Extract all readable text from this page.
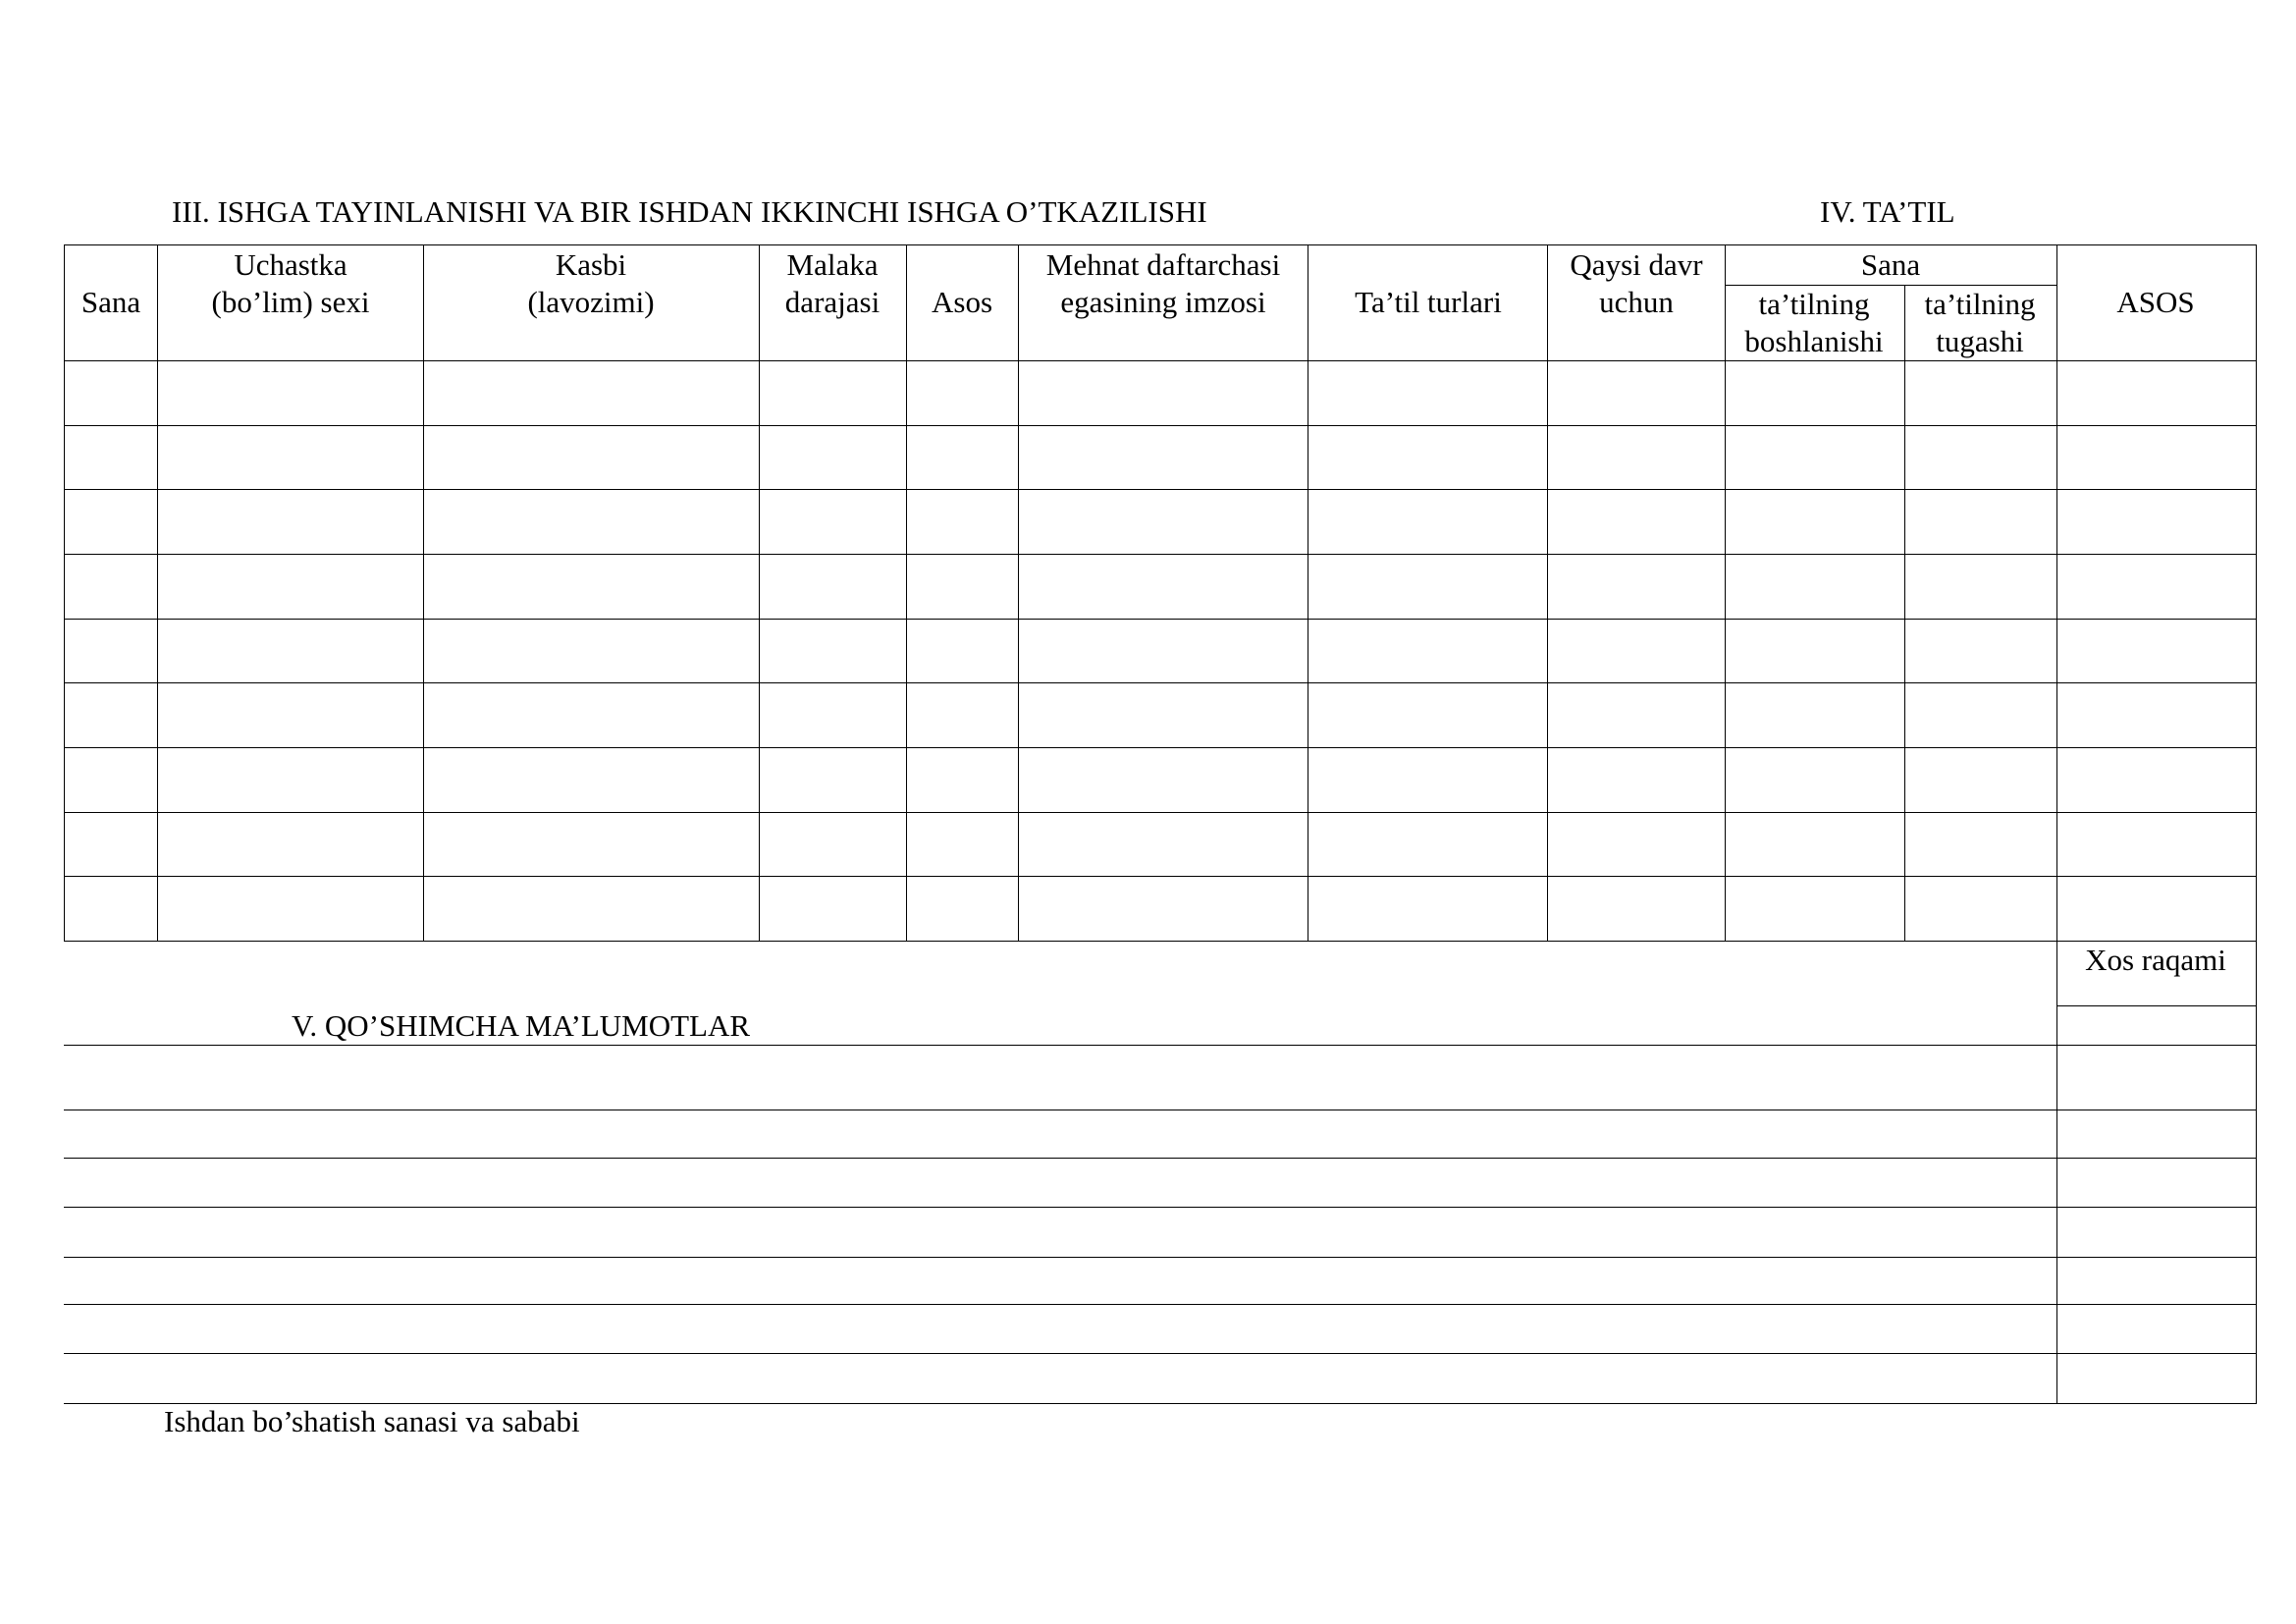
III. ISHGA TAYINLANISHI VA BIR ISHDAN IKKINCHI ISHGA O’TKAZILISHI	IV. TA’TIL
Sana
Uchastka
(bo’lim) sexi
Kasbi
(lavozimi)
Malaka
darajasi Asos
Mehnat daftarchasi
egasining imzosi	Ta’til turlari
Qaysi davr
uchun
Sana
ta’tilning
boshlanishi
ta’tilning
tugashi
ASOS
Xos raqami
V. QO’SHIMCHA MA’LUMOTLAR
Ishdan bo’shatish sanasi va sababi
